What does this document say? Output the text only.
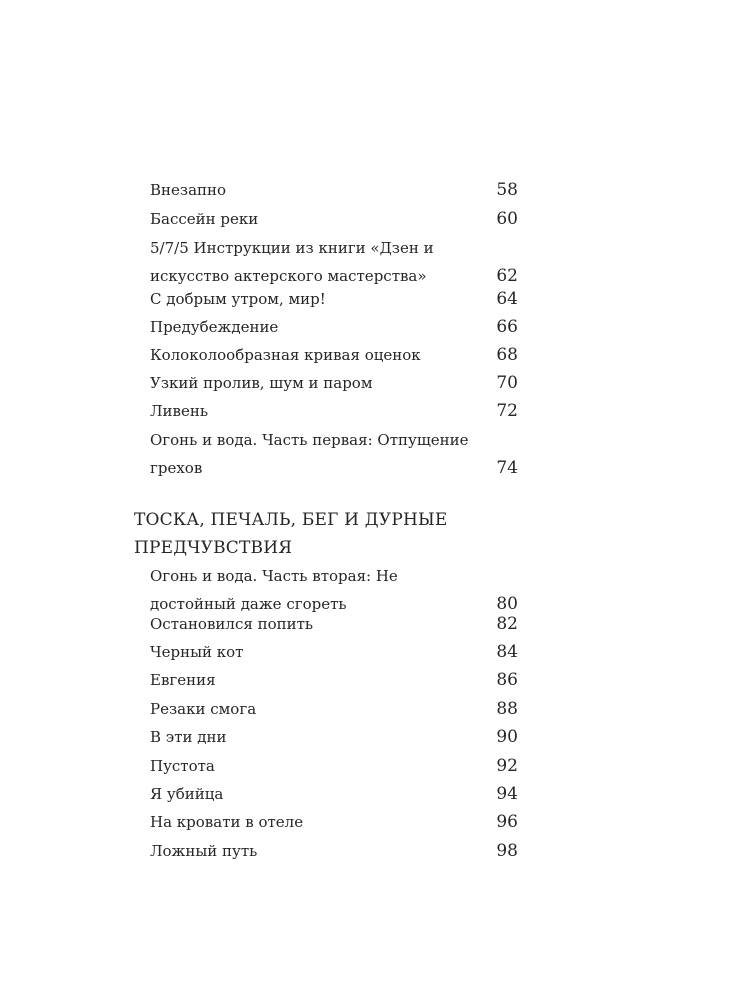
Внезапно	58
Бассейн реки	60
5/7/5 Инструкции из книги «Дзен и искусство актерского мастерства»	62
С добрым утром, мир!	64
Предубеждение	66
Колоколообразная кривая оценок	68
Узкий пролив, шум и паром	70
Ливень	72
Огонь и вода. Часть первая: Отпущение грехов	74
ТОСКА, ПЕЧАЛЬ, БЕГ И ДУРНЫЕ ПРЕДЧУВСТВИЯ
Огонь и вода. Часть вторая: Не достойный даже сгореть	80
Остановился попить	82
Черный кот	84
Евгения	86
Резаки смога	88
В эти дни	90
Пустота	92
Я убийца	94
На кровати в отеле	96
Ложный путь	98
